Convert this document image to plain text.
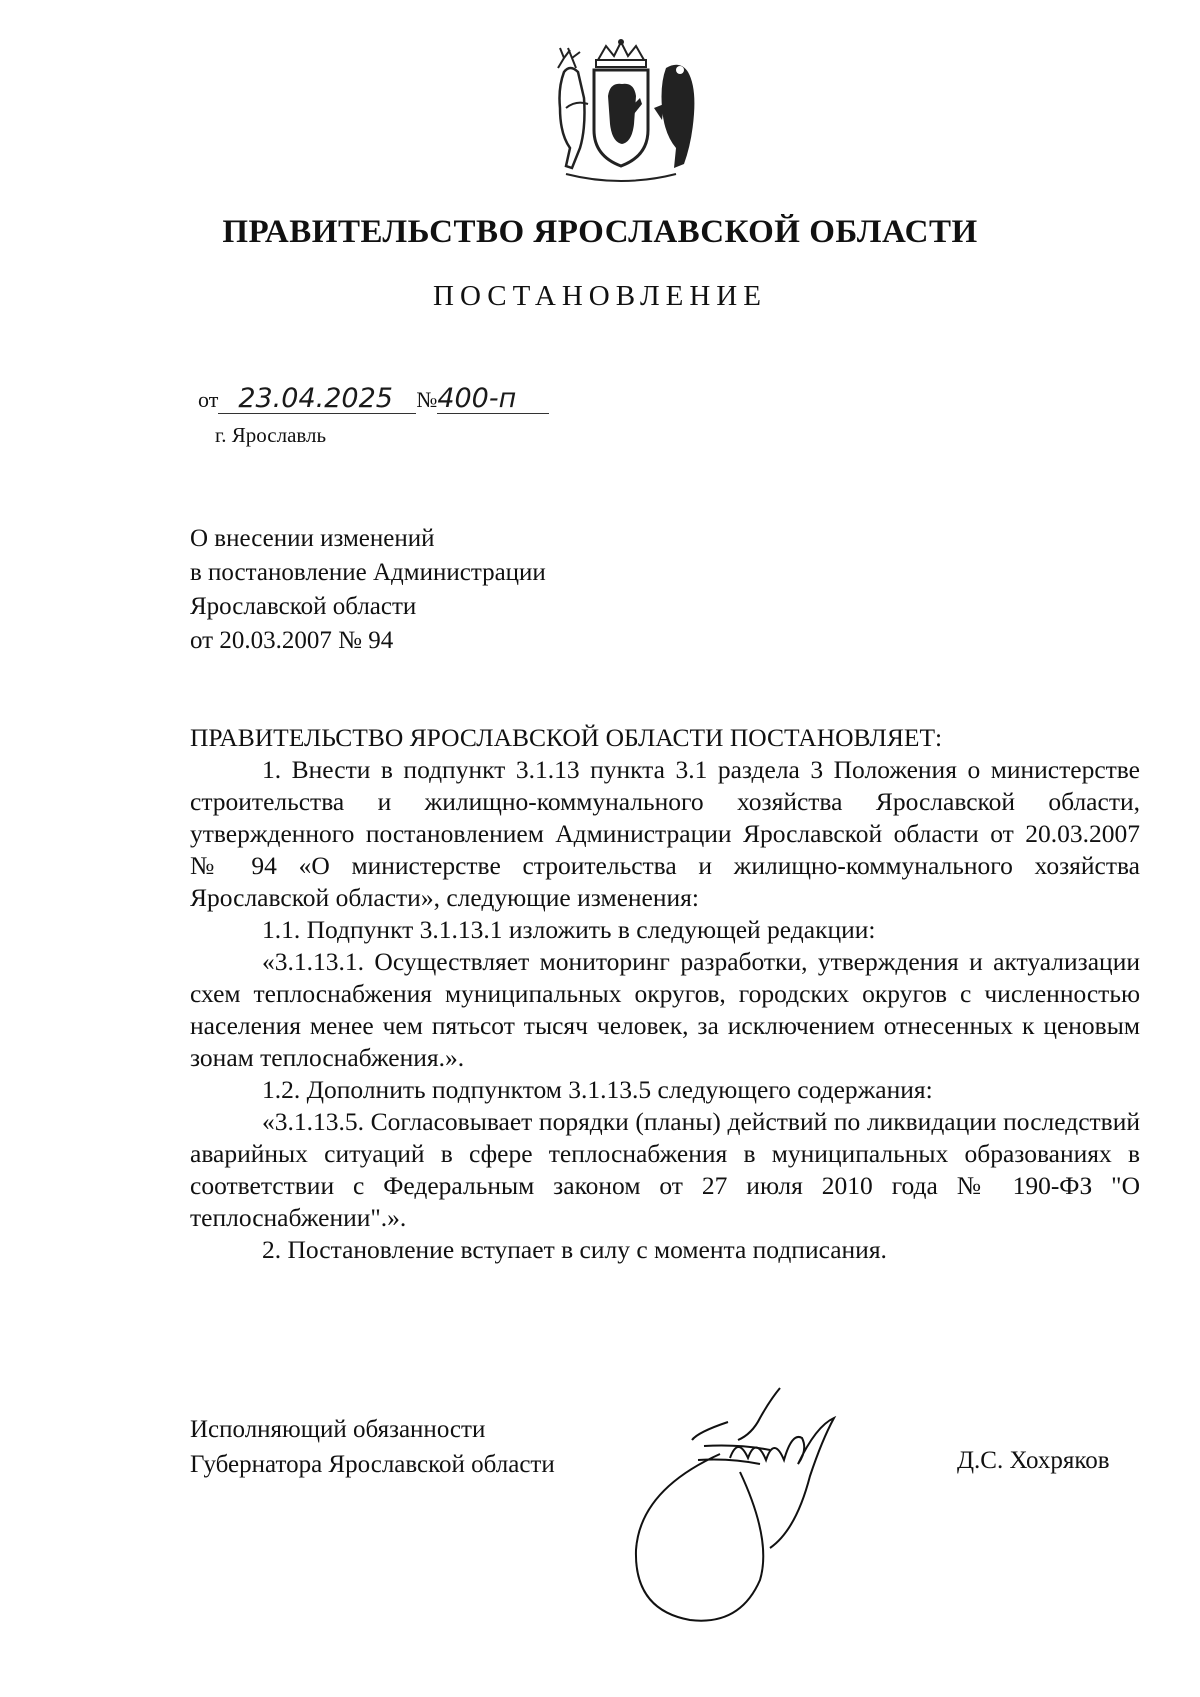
ПРАВИТЕЛЬСТВО ЯРОСЛАВСКОЙ ОБЛАСТИ
ПОСТАНОВЛЕНИЕ
от 23.04.2025 №400-п
г. Ярославль
О внесении изменений
в постановление Администрации
Ярославской области
от 20.03.2007 № 94

ПРАВИТЕЛЬСТВО ЯРОСЛАВСКОЙ ОБЛАСТИ ПОСТАНОВЛЯЕТ:

1. Внести в подпункт 3.1.13 пункта 3.1 раздела 3 Положения о министерстве строительства и жилищно-коммунального хозяйства Ярославской области, утвержденного постановлением Администрации Ярославской области от 20.03.2007 № 94 «О министерстве строительства и жилищно-коммунального хозяйства Ярославской области», следующие изменения:

1.1. Подпункт 3.1.13.1 изложить в следующей редакции:

«3.1.13.1. Осуществляет мониторинг разработки, утверждения и актуализации схем теплоснабжения муниципальных округов, городских округов с численностью населения менее чем пятьсот тысяч человек, за исключением отнесенных к ценовым зонам теплоснабжения.».

1.2. Дополнить подпунктом 3.1.13.5 следующего содержания:

«3.1.13.5. Согласовывает порядки (планы) действий по ликвидации последствий аварийных ситуаций в сфере теплоснабжения в муниципальных образованиях в соответствии с Федеральным законом от 27 июля 2010 года № 190-ФЗ "О теплоснабжении".».

2. Постановление вступает в силу с момента подписания.

Исполняющий обязанности
Губернатора Ярославской области	Д.С. Хохряков
